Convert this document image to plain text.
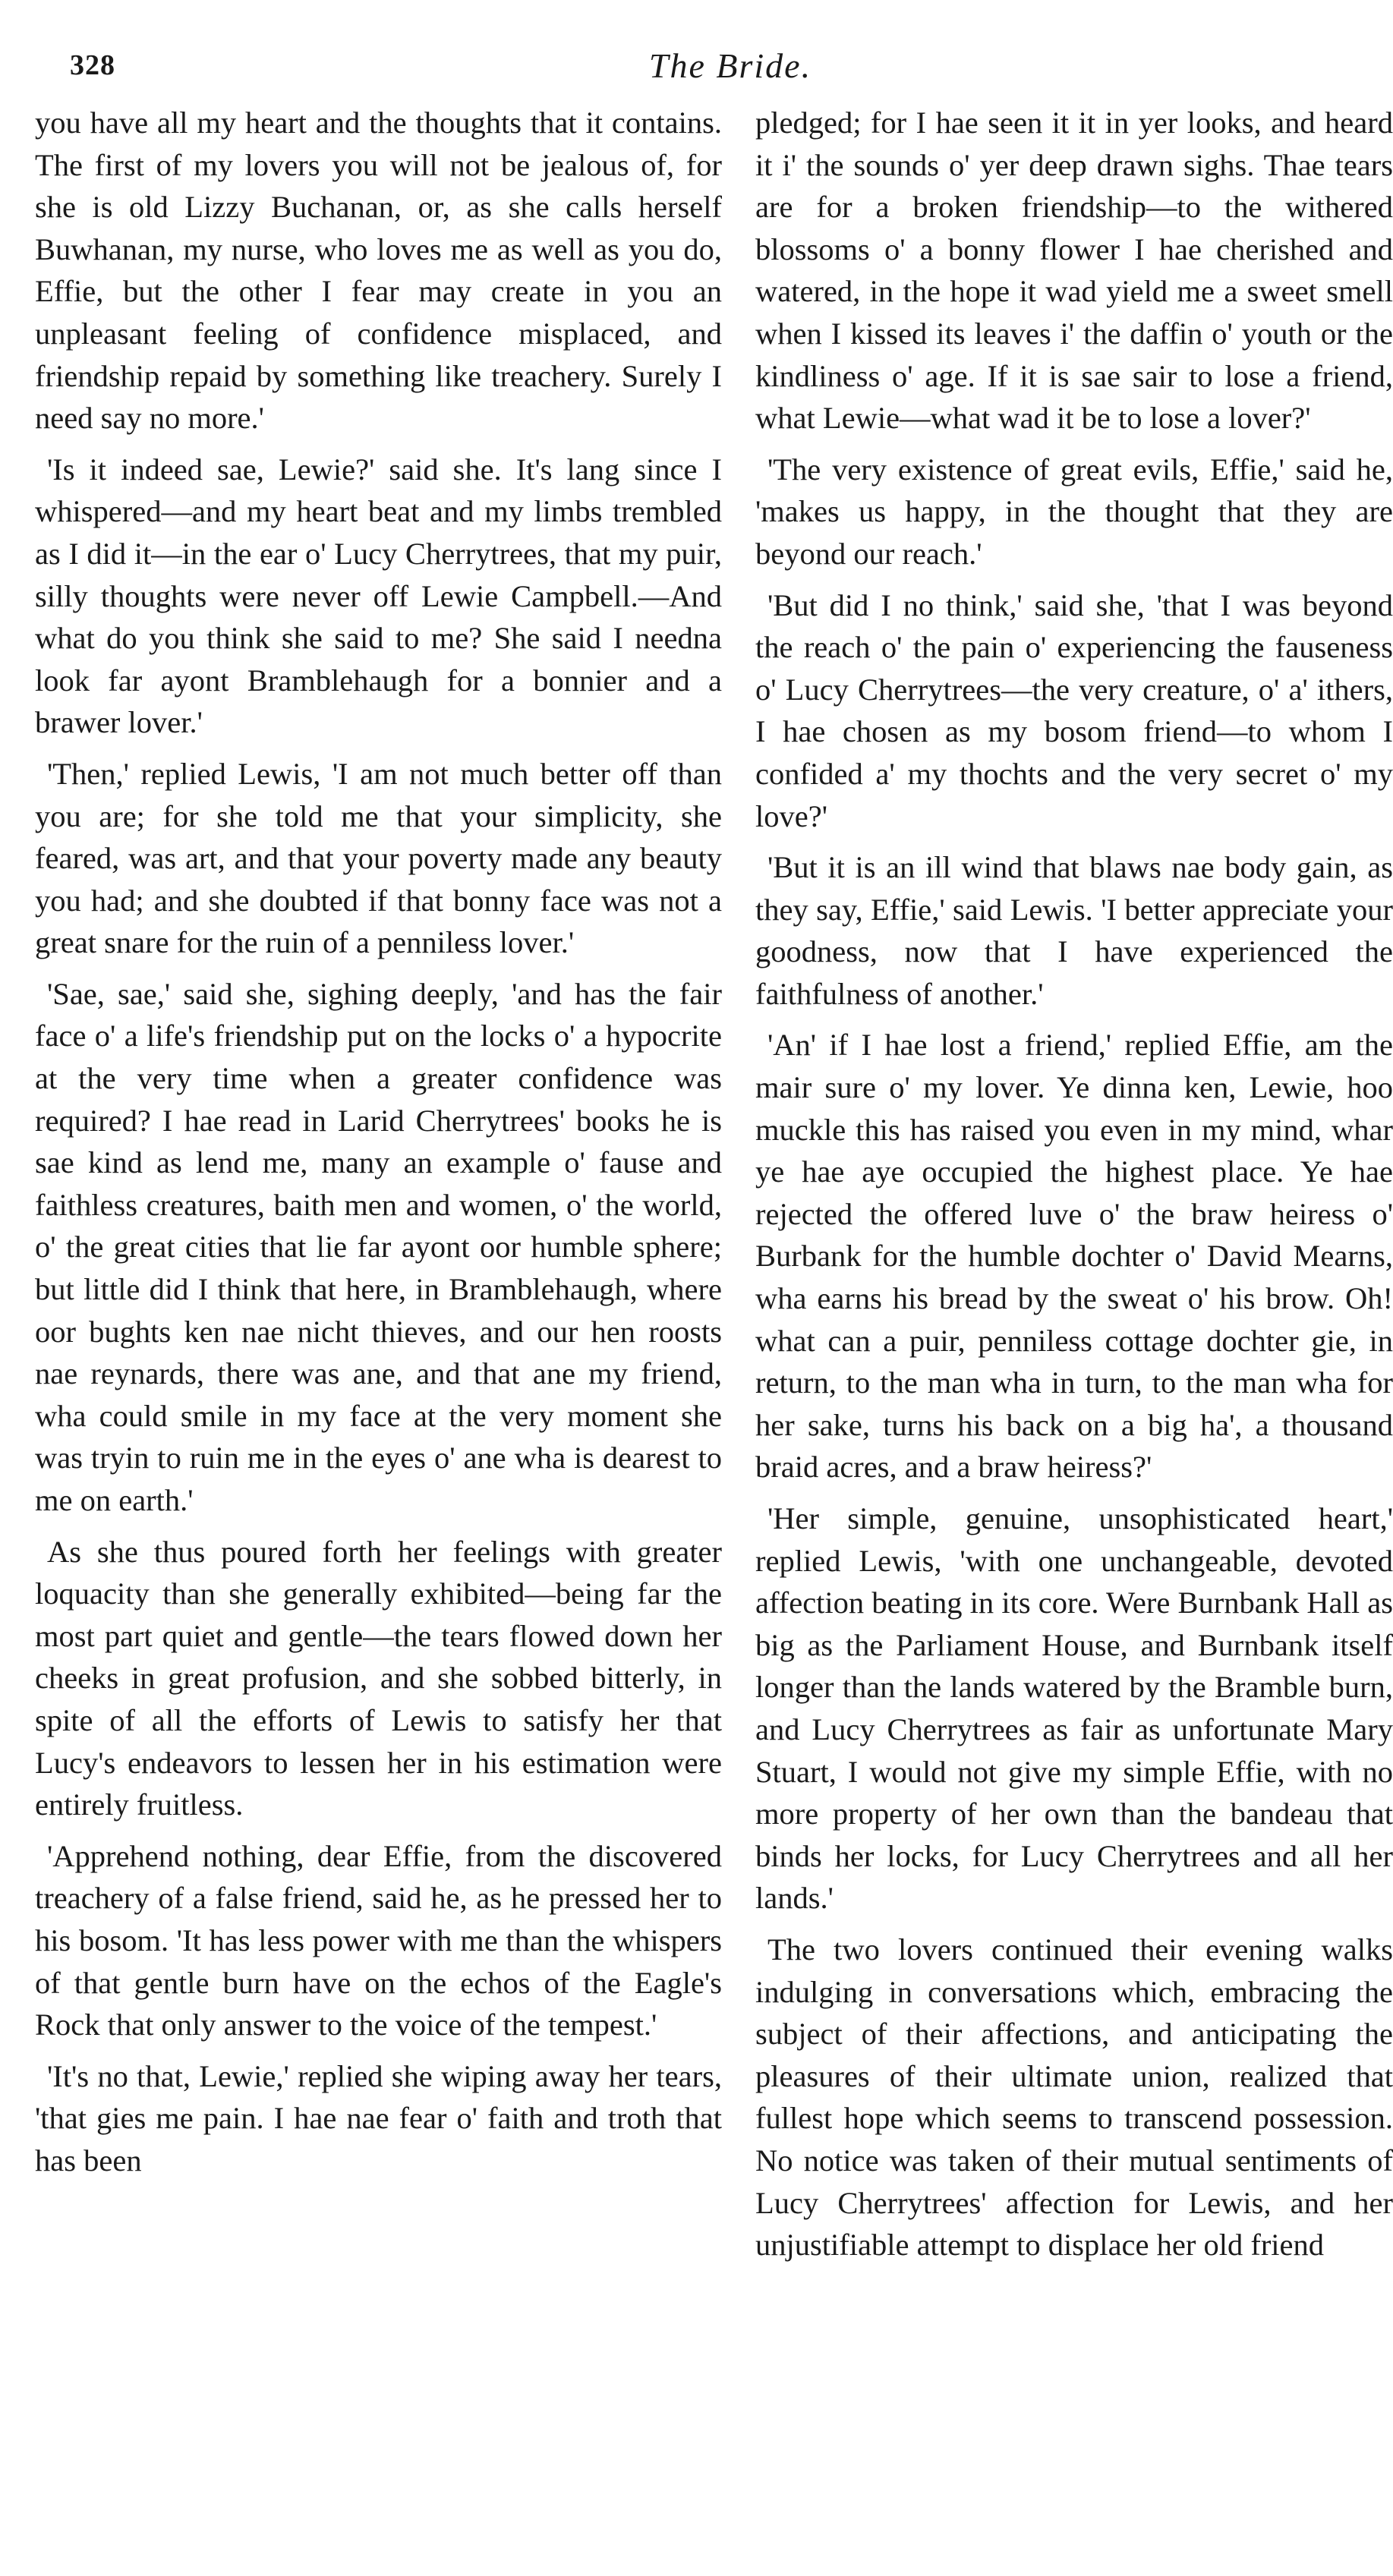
328	The Bride.

you have all my heart and the thoughts that it contains. The first of my lovers you will not be jealous of, for she is old Lizzy Buchanan, or, as she calls herself Buwhanan, my nurse, who loves me as well as you do, Effie, but the other I fear may create in you an unpleasant feeling of confidence misplaced, and friendship repaid by something like treachery. Surely I need say no more.'

'Is it indeed sae, Lewie?' said she. It's lang since I whispered—and my heart beat and my limbs trembled as I did it—in the ear o' Lucy Cherrytrees, that my puir, silly thoughts were never off Lewie Campbell.—And what do you think she said to me? She said I needna look far ayont Bramblehaugh for a bonnier and a brawer lover.'

'Then,' replied Lewis, 'I am not much better off than you are; for she told me that your simplicity, she feared, was art, and that your poverty made any beauty you had; and she doubted if that bonny face was not a great snare for the ruin of a penniless lover.'

'Sae, sae,' said she, sighing deeply, 'and has the fair face o' a life's friendship put on the locks o' a hypocrite at the very time when a greater confidence was required? I hae read in Larid Cherrytrees' books he is sae kind as lend me, many an example o' fause and faithless creatures, baith men and women, o' the world, o' the great cities that lie far ayont oor humble sphere; but little did I think that here, in Bramblehaugh, where oor bughts ken nae nicht thieves, and our hen roosts nae reynards, there was ane, and that ane my friend, wha could smile in my face at the very moment she was tryin to ruin me in the eyes o' ane wha is dearest to me on earth.'

As she thus poured forth her feelings with greater loquacity than she generally exhibited—being far the most part quiet and gentle—the tears flowed down her cheeks in great profusion, and she sobbed bitterly, in spite of all the efforts of Lewis to satisfy her that Lucy's endeavors to lessen her in his estimation were entirely fruitless.

'Apprehend nothing, dear Effie, from the discovered treachery of a false friend, said he, as he pressed her to his bosom. 'It has less power with me than the whispers of that gentle burn have on the echos of the Eagle's Rock that only answer to the voice of the tempest.'

'It's no that, Lewie,' replied she wiping away her tears, 'that gies me pain. I hae nae fear o' faith and troth that has been

pledged; for I hae seen it it in yer looks, and heard it i' the sounds o' yer deep drawn sighs. Thae tears are for a broken friendship—to the withered blossoms o' a bonny flower I hae cherished and watered, in the hope it wad yield me a sweet smell when I kissed its leaves i' the daffin o' youth or the kindliness o' age. If it is sae sair to lose a friend, what Lewie—what wad it be to lose a lover?'

'The very existence of great evils, Effie,' said he, 'makes us happy, in the thought that they are beyond our reach.'

'But did I no think,' said she, 'that I was beyond the reach o' the pain o' experiencing the fauseness o' Lucy Cherrytrees—the very creature, o' a' ithers, I hae chosen as my bosom friend—to whom I confided a' my thochts and the very secret o' my love?'

'But it is an ill wind that blaws nae body gain, as they say, Effie,' said Lewis. 'I better appreciate your goodness, now that I have experienced the faithfulness of another.'

'An' if I hae lost a friend,' replied Effie, am the mair sure o' my lover. Ye dinna ken, Lewie, hoo muckle this has raised you even in my mind, whar ye hae aye occupied the highest place. Ye hae rejected the offered luve o' the braw heiress o' Burbank for the humble dochter o' David Mearns, wha earns his bread by the sweat o' his brow. Oh! what can a puir, penniless cottage dochter gie, in return, to the man wha in turn, to the man wha for her sake, turns his back on a big ha', a thousand braid acres, and a braw heiress?'

'Her simple, genuine, unsophisticated heart,' replied Lewis, 'with one unchangeable, devoted affection beating in its core. Were Burnbank Hall as big as the Parliament House, and Burnbank itself longer than the lands watered by the Bramble burn, and Lucy Cherrytrees as fair as unfortunate Mary Stuart, I would not give my simple Effie, with no more property of her own than the bandeau that binds her locks, for Lucy Cherrytrees and all her lands.'

The two lovers continued their evening walks indulging in conversations which, embracing the subject of their affections, and anticipating the pleasures of their ultimate union, realized that fullest hope which seems to transcend possession. No notice was taken of their mutual sentiments of Lucy Cherrytrees' affection for Lewis, and her unjustifiable attempt to displace her old friend
